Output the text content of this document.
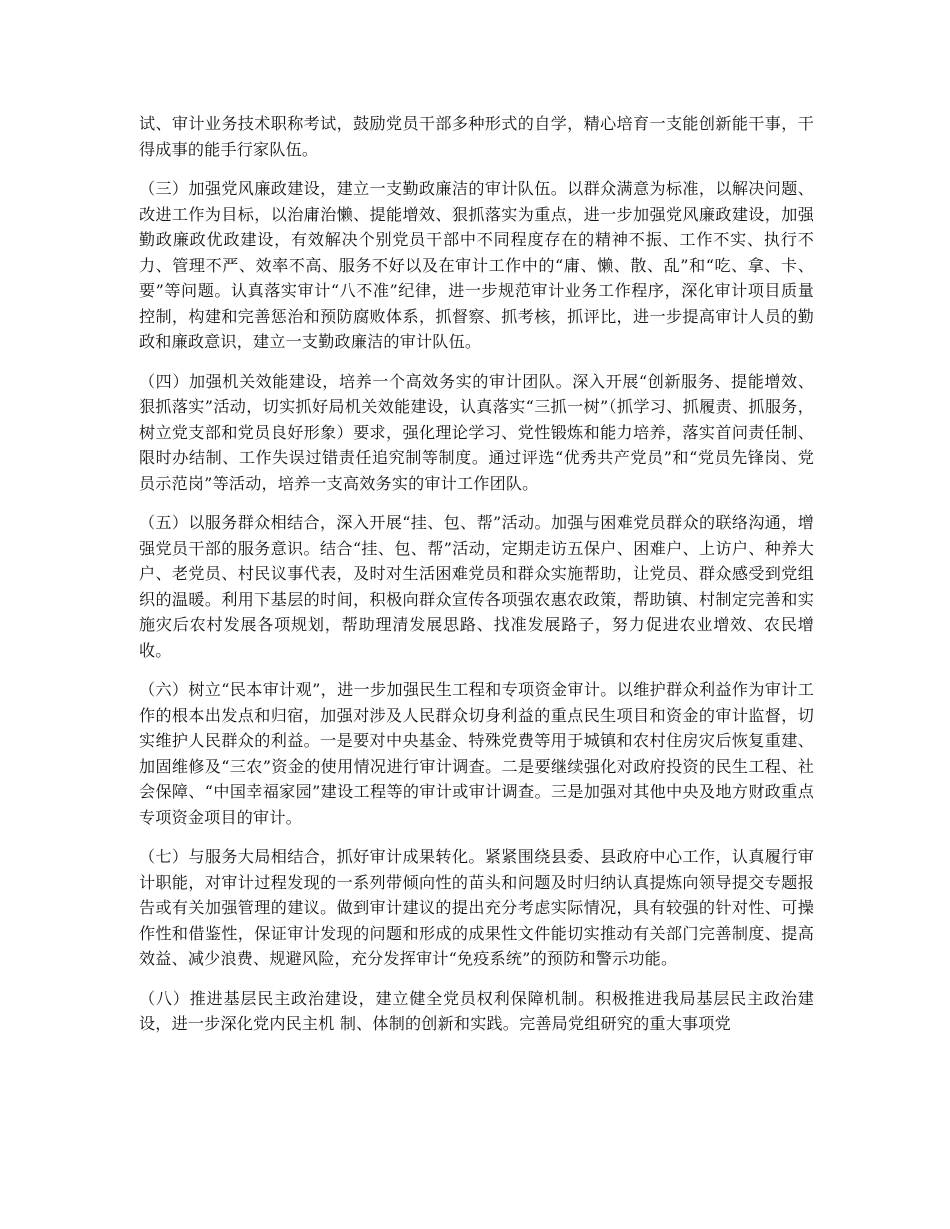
试、审计业务技术职称考试，鼓励党员干部多种形式的自学，精心培育一支能创新能干事，干得成事的能手行家队伍。

（三）加强党风廉政建设，建立一支勤政廉洁的审计队伍。以群众满意为标准，以解决问题、改进工作为目标，以治庸治懒、提能增效、狠抓落实为重点，进一步加强党风廉政建设，加强勤政廉政优政建设，有效解决个别党员干部中不同程度存在的精神不振、工作不实、执行不力、管理不严、效率不高、服务不好以及在审计工作中的“庸、懒、散、乱”和“吃、拿、卡、要”等问题。认真落实审计“八不准”纪律，进一步规范审计业务工作程序，深化审计项目质量控制，构建和完善惩治和预防腐败体系，抓督察、抓考核，抓评比，进一步提高审计人员的勤政和廉政意识，建立一支勤政廉洁的审计队伍。

（四）加强机关效能建设，培养一个高效务实的审计团队。深入开展“创新服务、提能增效、狠抓落实”活动，切实抓好局机关效能建设，认真落实“三抓一树”（抓学习、抓履责、抓服务，树立党支部和党员良好形象）要求，强化理论学习、党性锻炼和能力培养，落实首问责任制、限时办结制、工作失误过错责任追究制等制度。通过评选“优秀共产党员”和“党员先锋岗、党员示范岗”等活动，培养一支高效务实的审计工作团队。

（五）以服务群众相结合，深入开展“挂、包、帮”活动。加强与困难党员群众的联络沟通，增强党员干部的服务意识。结合“挂、包、帮”活动，定期走访五保户、困难户、上访户、种养大户、老党员、村民议事代表，及时对生活困难党员和群众实施帮助，让党员、群众感受到党组织的温暖。利用下基层的时间，积极向群众宣传各项强农惠农政策，帮助镇、村制定完善和实施灾后农村发展各项规划，帮助理清发展思路、找准发展路子，努力促进农业增效、农民增收。

（六）树立“民本审计观”，进一步加强民生工程和专项资金审计。以维护群众利益作为审计工作的根本出发点和归宿，加强对涉及人民群众切身利益的重点民生项目和资金的审计监督，切实维护人民群众的利益。一是要对中央基金、特殊党费等用于城镇和农村住房灾后恢复重建、加固维修及“三农”资金的使用情况进行审计调查。二是要继续强化对政府投资的民生工程、社会保障、“中国幸福家园”建设工程等的审计或审计调查。三是加强对其他中央及地方财政重点专项资金项目的审计。

（七）与服务大局相结合，抓好审计成果转化。紧紧围绕县委、县政府中心工作，认真履行审计职能，对审计过程发现的一系列带倾向性的苗头和问题及时归纳认真提炼向领导提交专题报告或有关加强管理的建议。做到审计建议的提出充分考虑实际情况，具有较强的针对性、可操作性和借鉴性，保证审计发现的问题和形成的成果性文件能切实推动有关部门完善制度、提高效益、减少浪费、规避风险，充分发挥审计“免疫系统”的预防和警示功能。

（八）推进基层民主政治建设，建立健全党员权利保障机制。积极推进我局基层民主政治建设，进一步深化党内民主机 制、体制的创新和实践。完善局党组研究的重大事项党
